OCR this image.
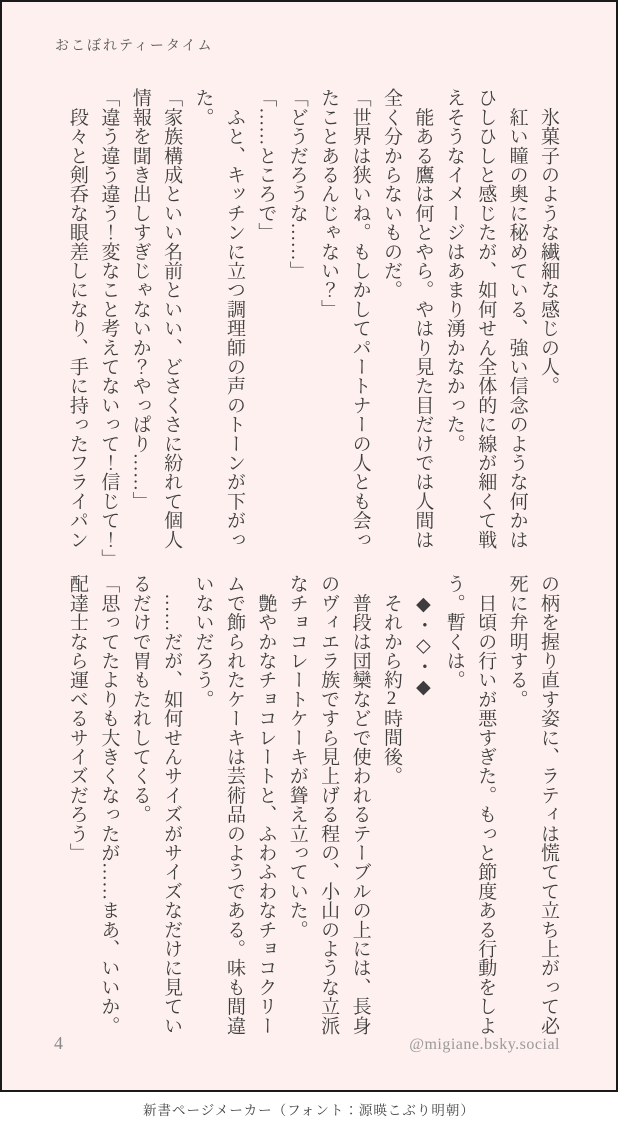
おこぼれティータイム
　氷菓子のような繊細な感じの人。
　紅い瞳の奥に秘めている、強い信念のような何かは
ひしひしと感じたが、如何せん全体的に線が細くて戦
えそうなイメージはあまり湧かなかった。
　能ある鷹は何とやら。やはり見た目だけでは人間は
全く分からないものだ。
「世界は狭いね。もしかしてパートナーの人とも会っ
たことあるんじゃない？」
「どうだろうな……」
「……ところで」
　ふと、キッチンに立つ調理師の声のトーンが下がっ
た。
「家族構成といい名前といい、どさくさに紛れて個人
情報を聞き出しすぎじゃないか？やっぱり……」
「違う違う違う！変なこと考えてないって！信じて！」
　段々と剣呑な眼差しになり、手に持ったフライパン
の柄を握り直す姿に、ラティは慌てて立ち上がって必
死に弁明する。
　日頃の行いが悪すぎた。もっと節度ある行動をしよ
う。暫くは。
　◆・◇・◆
　それから約2時間後。
　普段は団欒などで使われるテーブルの上には、長身
のヴィエラ族ですら見上げる程の、小山のような立派
なチョコレートケーキが聳え立っていた。
　艶やかなチョコレートと、ふわふわなチョコクリー
ムで飾られたケーキは芸術品のようである。味も間違
いないだろう。
　……だが、如何せんサイズがサイズなだけに見てい
るだけで胃もたれしてくる。
「思ってたよりも大きくなったが……まあ、いいか。
配達士なら運べるサイズだろう」
4	@migiane.bsky.social
新書ページメーカー（フォント：源暎こぶり明朝）
